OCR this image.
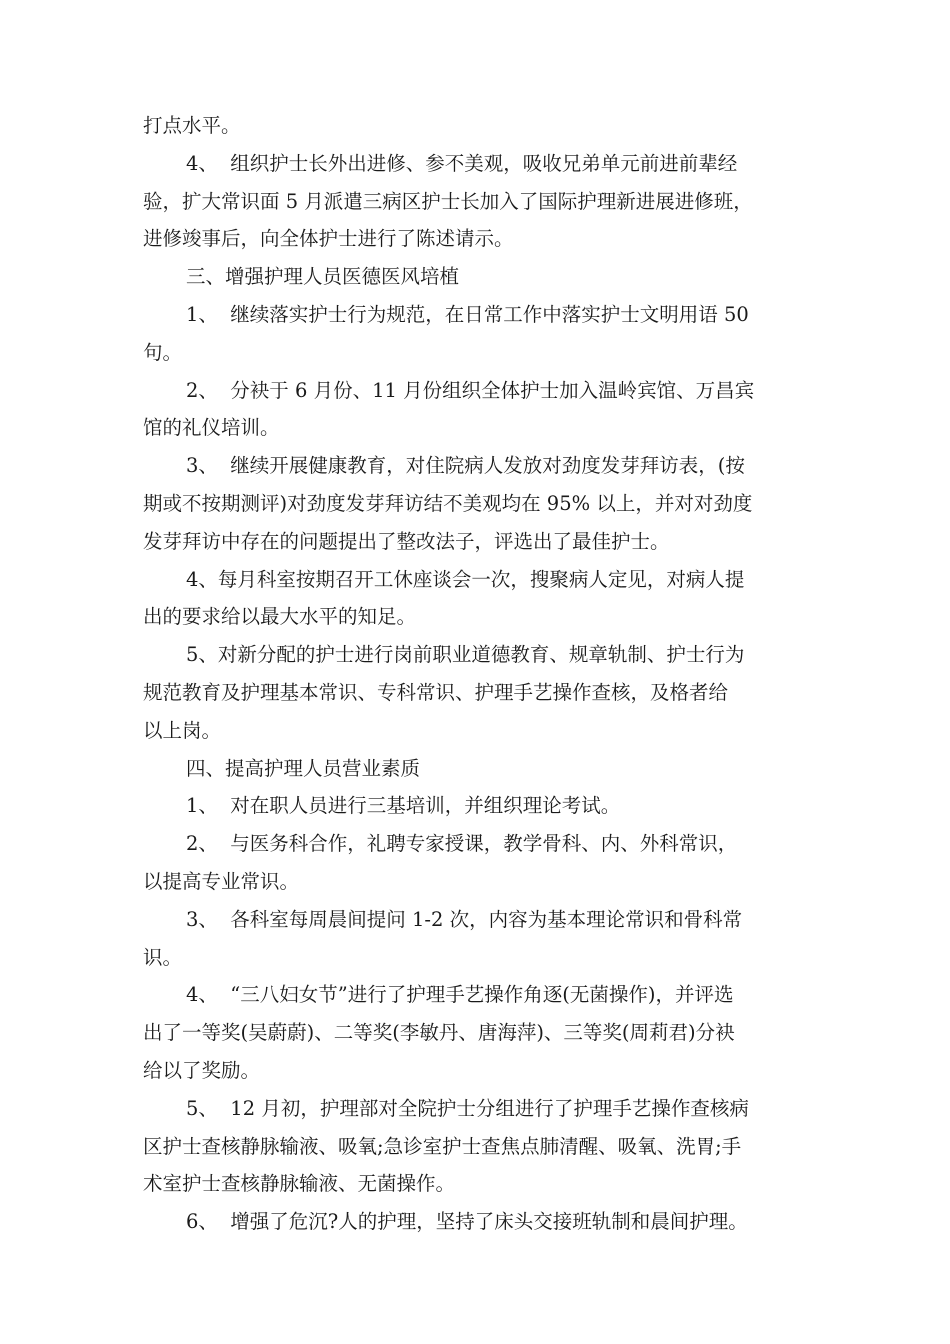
打点水平。
4、  组织护士长外出进修、参不美观，吸收兄弟单元前进前辈经
验，扩大常识面 5 月派遣三病区护士长加入了国际护理新进展进修班，
进修竣事后，向全体护士进行了陈述请示。
三、增强护理人员医德医风培植
1、  继续落实护士行为规范，在日常工作中落实护士文明用语 50
句。
2、  分袂于 6 月份、11 月份组织全体护士加入温岭宾馆、万昌宾
馆的礼仪培训。
3、  继续开展健康教育，对住院病人发放对劲度发芽拜访表，(按
期或不按期测评)对劲度发芽拜访结不美观均在 95% 以上，并对对劲度
发芽拜访中存在的问题提出了整改法子，评选出了最佳护士。
4、每月科室按期召开工休座谈会一次，搜聚病人定见，对病人提
出的要求给以最大水平的知足。
5、对新分配的护士进行岗前职业道德教育、规章轨制、护士行为
规范教育及护理基本常识、专科常识、护理手艺操作查核，及格者给
以上岗。
四、提高护理人员营业素质
1、  对在职人员进行三基培训，并组织理论考试。
2、  与医务科合作，礼聘专家授课，教学骨科、内、外科常识，
以提高专业常识。
3、  各科室每周晨间提问 1-2 次，内容为基本理论常识和骨科常
识。
4、  “三八妇女节”进行了护理手艺操作角逐(无菌操作)，并评选
出了一等奖(吴蔚蔚)、二等奖(李敏丹、唐海萍)、三等奖(周莉君)分袂
给以了奖励。
5、  12 月初，护理部对全院护士分组进行了护理手艺操作查核病
区护士查核静脉输液、吸氧;急诊室护士查焦点肺清醒、吸氧、洗胃;手
术室护士查核静脉输液、无菌操作。
6、  增强了危沉?人的护理，坚持了床头交接班轨制和晨间护理。
